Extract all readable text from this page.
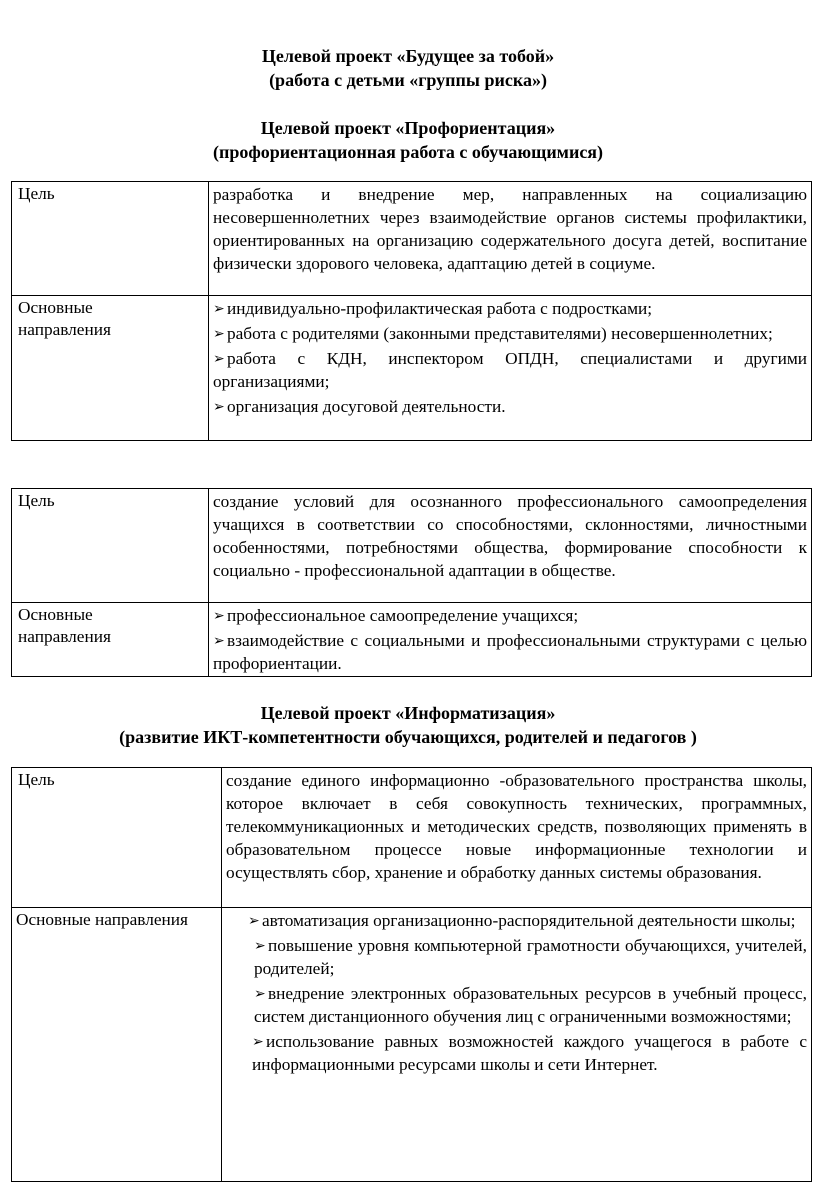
Целевой проект «Будущее за тобой»
(работа с детьми «группы риска»)
Целевой проект «Профориентация»
(профориентационная работа с обучающимися)
Цель	разработка и внедрение мер, направленных на социализацию несовершеннолетних через взаимодействие органов системы профилактики, ориентированных на организацию содержательного досуга детей, воспитание физически здорового человека, адаптацию детей в социуме.

Основные
направления	➢ индивидуально-профилактическая работа с подростками;
➢ работа с родителями (законными представителями) несовершеннолетних;
➢ работа с КДН, инспектором ОПДН, специалистами и другими организациями;
➢ организация досуговой деятельности.
Цель	создание условий для осознанного профессионального самоопределения учащихся в соответствии со способностями, склонностями, личностными особенностями, потребностями общества, формирование способности к социально - профессиональной адаптации в обществе.

Основные
направления	➢ профессиональное самоопределение учащихся;
➢ взаимодействие с социальными и профессиональными структурами с целью профориентации.
Целевой проект «Информатизация»
(развитие ИКТ-компетентности обучающихся, родителей и педагогов )
Цель	создание единого информационно -образовательного пространства школы, которое включает в себя совокупность технических, программных, телекоммуникационных и методических средств, позволяющих применять в образовательном процессе новые информационные технологии и осуществлять сбор, хранение и обработку данных системы образования.

Основные направления	➢ автоматизация организационно-распорядительной деятельности школы;
➢ повышение уровня компьютерной грамотности обучающихся, учителей, родителей;
➢ внедрение электронных образовательных ресурсов в учебный процесс, систем дистанционного обучения лиц с ограниченными возможностями;
➢ использование равных возможностей каждого учащегося в работе с информационными ресурсами школы и сети Интернет.
